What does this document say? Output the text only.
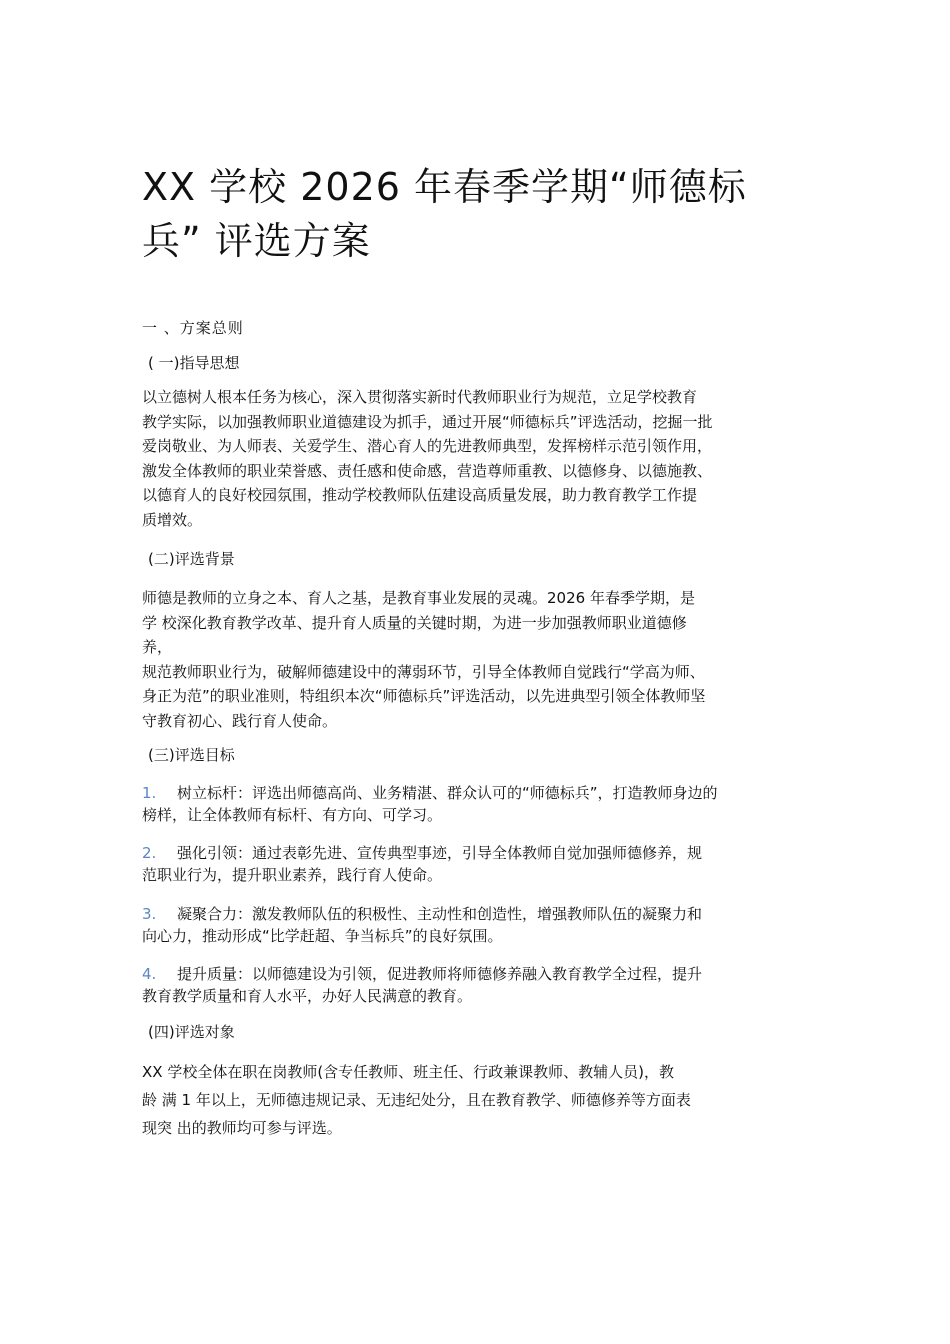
XX 学校 2026 年春季学期“师德标
兵” 评选方案
一 、方案总则
( 一)指导思想
以立德树人根本任务为核心，深入贯彻落实新时代教师职业行为规范，立足学校教育
教学实际，以加强教师职业道德建设为抓手，通过开展“师德标兵”评选活动，挖掘一批
爱岗敬业、为人师表、关爱学生、潜心育人的先进教师典型，发挥榜样示范引领作用，
激发全体教师的职业荣誉感、责任感和使命感，营造尊师重教、以德修身、以德施教、
以德育人的良好校园氛围，推动学校教师队伍建设高质量发展，助力教育教学工作提
质增效。
(二)评选背景
师德是教师的立身之本、育人之基，是教育事业发展的灵魂。2026 年春季学期，是
学 校深化教育教学改革、提升育人质量的关键时期，为进一步加强教师职业道德修
养，
规范教师职业行为，破解师德建设中的薄弱环节，引导全体教师自觉践行“学高为师、
身正为范”的职业准则，特组织本次“师德标兵”评选活动，以先进典型引领全体教师坚
守教育初心、践行育人使命。
(三)评选目标
1. 树立标杆：评选出师德高尚、业务精湛、群众认可的“师德标兵”，打造教师身边的
榜样，让全体教师有标杆、有方向、可学习。
2. 强化引领：通过表彰先进、宣传典型事迹，引导全体教师自觉加强师德修养，规
范职业行为，提升职业素养，践行育人使命。
3. 凝聚合力：激发教师队伍的积极性、主动性和创造性，增强教师队伍的凝聚力和
向心力，推动形成“比学赶超、争当标兵”的良好氛围。
4. 提升质量：以师德建设为引领，促进教师将师德修养融入教育教学全过程，提升
教育教学质量和育人水平，办好人民满意的教育。
(四)评选对象
XX 学校全体在职在岗教师(含专任教师、班主任、行政兼课教师、教辅人员)，教
龄 满 1 年以上，无师德违规记录、无违纪处分，且在教育教学、师德修养等方面表
现突 出的教师均可参与评选。
